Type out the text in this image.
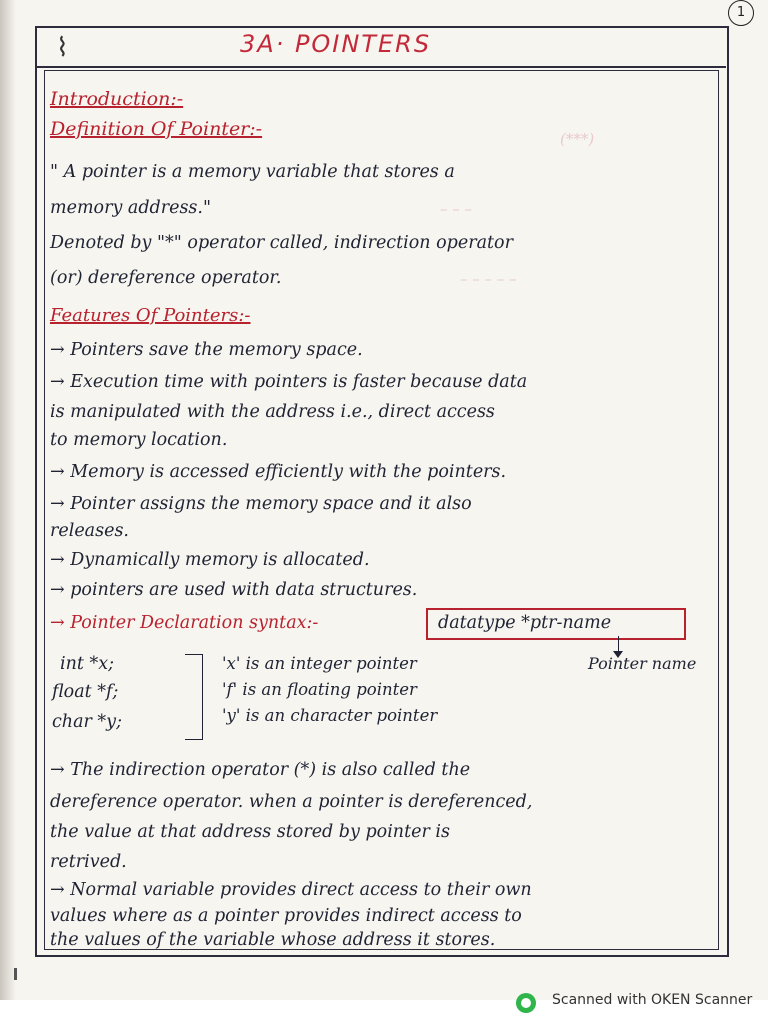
1
⌇	3A· POINTERS
(***)
– – –
– – – – –
Introduction:-
Definition Of Pointer:-
" A pointer is a memory variable that stores a
memory address."
Denoted by "*" operator called, indirection operator
(or) dereference operator.
Features Of Pointers:-
→ Pointers save the memory space.
→ Execution time with pointers is faster because data
is manipulated with the address i.e., direct access
to memory location.
→ Memory is accessed efficiently with the pointers.
→ Pointer assigns the memory space and it also
releases.
→ Dynamically memory is allocated.
→ pointers are used with data structures.
→ Pointer Declaration syntax:-	datatype *ptr-name
Pointer name
int *x;
float *f;
char *y;
'x' is an integer pointer
'f' is an floating pointer
'y' is an character pointer
→ The indirection operator (*) is also called the
dereference operator. when a pointer is dereferenced,
the value at that address stored by pointer is
retrived.
→ Normal variable provides direct access to their own
values where as a pointer provides indirect access to
the values of the variable whose address it stores.
Scanned with OKEN Scanner
